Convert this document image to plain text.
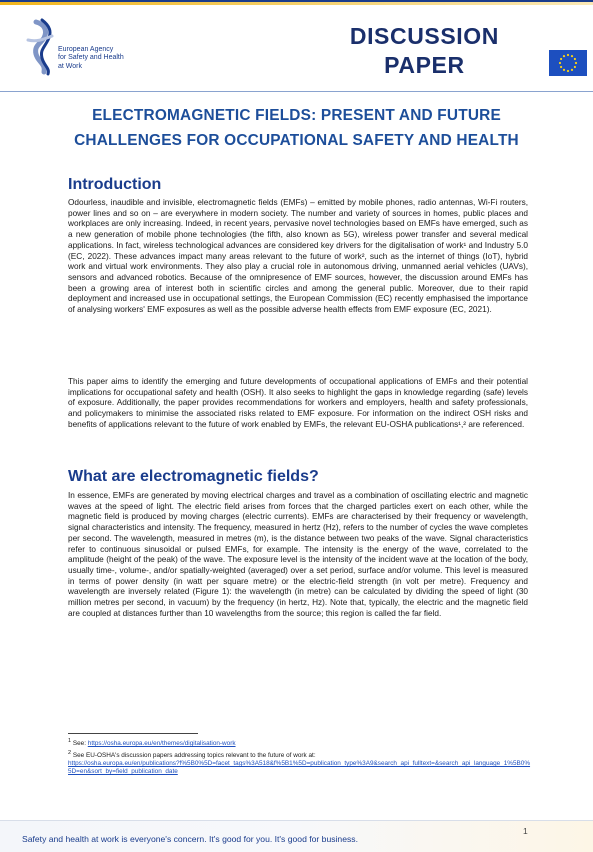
European Agency
for Safety and Health
at Work
DISCUSSION
PAPER
ELECTROMAGNETIC FIELDS: PRESENT AND FUTURE
CHALLENGES FOR OCCUPATIONAL SAFETY AND HEALTH
Introduction

Odourless, inaudible and invisible, electromagnetic fields (EMFs) – emitted by mobile phones, radio antennas, Wi-Fi routers, power lines and so on – are everywhere in modern society. The number and variety of sources in homes, public places and workplaces are only increasing. Indeed, in recent years, pervasive novel technologies based on EMFs have emerged, such as a new generation of mobile phone technologies (the fifth, also known as 5G), wireless power transfer and several medical applications. In fact, wireless technological advances are considered key drivers for the digitalisation of work¹ and Industry 5.0 (EC, 2022). These advances impact many areas relevant to the future of work², such as the internet of things (IoT), hybrid work and virtual work environments. They also play a crucial role in autonomous driving, unmanned aerial vehicles (UAVs), sensors and advanced robotics. Because of the omnipresence of EMF sources, however, the discussion around EMFs has been a growing area of interest both in scientific circles and among the general public. Moreover, due to their rapid deployment and increased use in occupational settings, the European Commission (EC) recently emphasised the importance of analysing workers' EMF exposures as well as the possible adverse health effects from EMF exposure (EC, 2021).

This paper aims to identify the emerging and future developments of occupational applications of EMFs and their potential implications for occupational safety and health (OSH). It also seeks to highlight the gaps in knowledge regarding (safe) levels of exposure. Additionally, the paper provides recommendations for workers and employers, health and safety professionals, and policymakers to minimise the associated risks related to EMF exposure. For information on the indirect OSH risks and benefits of applications relevant to the future of work enabled by EMFs, the relevant EU-OSHA publications¹,² are referenced.

What are electromagnetic fields?

In essence, EMFs are generated by moving electrical charges and travel as a combination of oscillating electric and magnetic waves at the speed of light. The electric field arises from forces that the charged particles exert on each other, while the magnetic field is produced by moving charges (electric currents). EMFs are characterised by their frequency or wavelength, signal characteristics and intensity. The frequency, measured in hertz (Hz), refers to the number of cycles the wave completes per second. The wavelength, measured in metres (m), is the distance between two peaks of the wave. Signal characteristics refer to continuous sinusoidal or pulsed EMFs, for example. The intensity is the energy of the wave, correlated to the amplitude (height of the peak) of the wave. The exposure level is the intensity of the incident wave at the location of the body, usually time-, volume-, and/or spatially-weighted (averaged) over a set period, surface and/or volume. This level is measured in terms of power density (in watt per square metre) or the electric-field strength (in volt per metre). Frequency and wavelength are inversely related (Figure 1): the wavelength (in metre) can be calculated by dividing the speed of light (30 million metres per second, in vacuum) by the frequency (in hertz, Hz). Note that, typically, the electric and the magnetic field are coupled at distances further than 10 wavelengths from the source; this region is called the far field.

$^1$ See: https://osha.europa.eu/en/themes/digitalisation-work
$^2$ See EU-OSHA's discussion papers addressing topics relevant to the future of work at:
https://osha.europa.eu/en/publications?f%5B0%5D=facet_tags%3A518&f%5B1%5D=publication_type%3A9&search_api_fulltext=&search_api_language_1%5B0%5D=en&sort_by=field_publication_date
1
Safety and health at work is everyone's concern. It's good for you. It's good for business.
